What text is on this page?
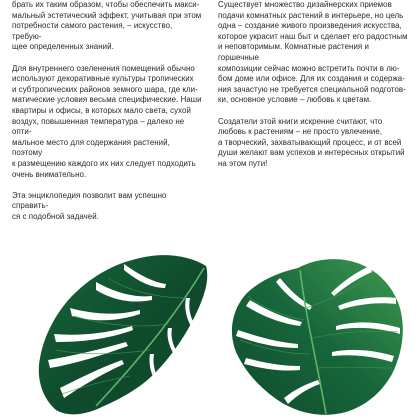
брать их таким образом, чтобы обеспечить макси-
мальный эстетический эффект, учитывая при этом
потребности самого растения, – искусство, требую-
щее определенных знаний.

Для внутреннего озеленения помещений обычно
используют декоративные культуры тропических
и субтропических районов земного шара, где кли-
матические условия весьма специфические. Наши
квартиры и офисы, в которых мало света, сухой
воздух, повышенная температура – далеко не опти-
мальное место для содержания растений, поэтому
к размещению каждого их них следует подходить
очень внимательно.

Эта энциклопедия позволит вам успешно справить-
ся с подобной задачей.

Существует множество дизайнерских приемов
подачи комнатных растений в интерьере, но цель
одна – создание живого произведения искусства,
которое украсит наш быт и сделает его радостным
и неповторимым. Комнатные растения и горшечные
композиции сейчас можно встретить почти в лю-
бом доме или офисе. Для их создания и содержа-
ния зачастую не требуется специальной подготов-
ки, основное условие – любовь к цветам.

Создатели этой книги искренне считают, что
любовь к растениям – не просто увлечение,
а творческий, захватывающий процесс, и от всей
души желают вам успехов и интересных открытий
на этом пути!
